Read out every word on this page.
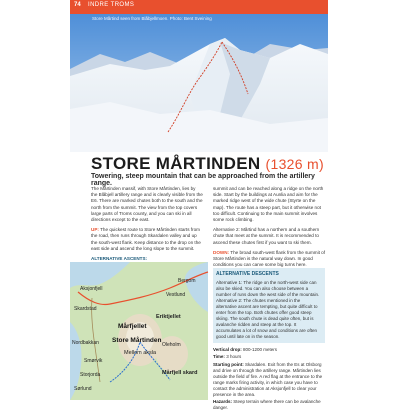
74 INDRE TROMS
Store Mårtind seen from Blåbjellmoen. Photo: Bent Sveining
STORE MÅRTINDEN (1326 m)
Towering, steep mountain that can be approached from the artillery range.

The Mårtinden massif, with Store Mårtinden, lies by the Blåbjell artillery range and is clearly visible from the E6. There are marked chutes both to the south and the north from the summit. The view from the top covers large parts of Troms county, and you can ski in all directions except to the east.

UP: The quickest route to Store Mårtinden starts from the road, then runs through Skardalen valley and up the south-west flank. Keep distance to the drop on the east side and ascend the long slope to the summit.

ALTERNATIVE ASCENTS:

summit and can be reached along a ridge on the north side. Start by the buildings at Aunlia and aim for the marked ridge west of the wide chute (Styrte on the map). The route has a steep part, but it otherwise not too difficult. Continuing to the main summit involves some rock climbing.

Alternative 2: Mårtind has a northern and a southern chute that meet at the summit. It is recommended to ascend these chutes first if you want to ski them.

DOWN: The broad south-west flank from the summit of Store Mårtinden is the natural way down. In good conditions you can carve some big turns here.

Bergom
Aksjonfjell
Vestlund
Skardstad
Eriktjellet
Mårfjellet
Store Mårtinden
Nordbakkan
Mellom aksla
Oleholm
Smørvik
Storjorda
Sørlund
Mårfjell skard
ALTERNATIVE DESCENTS
Alternative 1: The ridge on the north-west side can also be skied. You can also choose between a number of runs down the west side of the mountain. Alternative 2: The chutes mentioned in the alternative ascent are tempting, but quite difficult to enter from the top. Both chutes offer good steep skiing. The south chute is dead quite often, but is avalanche ridden and steep at the top. It accumulates a lot of snow and conditions are often good until late on in the season.

Vertical drop: 800-1200 meters

Time: 3 hours

Starting point: Skardalen. Exit from the Es at Olsborg and drive on through the artillery range. Mårtinden lies outside the field of fire. A red flag at the entrance to the range marks firing activity, in which case you have to contact the administration at Aksjonfjell to clear your presence in the area.

Hazards: Steep terrain where there can be avalanche danger.
